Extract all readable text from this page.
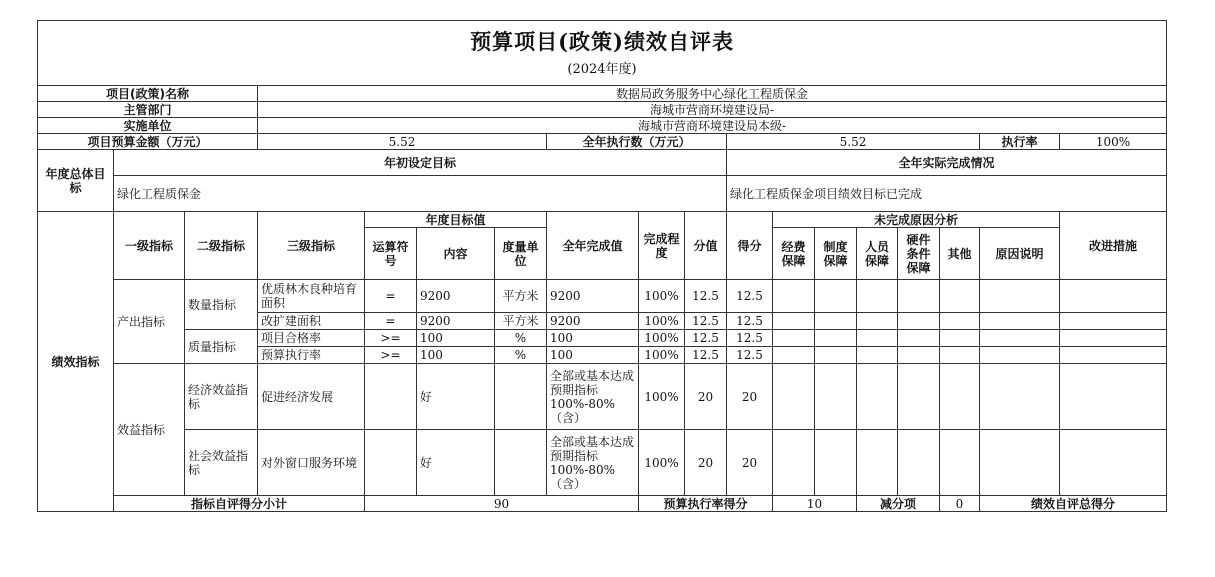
预算项目(政策)绩效自评表
(2024年度)																		

项目(政策)名称			数据局政务服务中心绿化工程质保金															
主管部门			海城市营商环境建设局-															
实施单位			海城市营商环境建设局本级-															
项目预算金额（万元）			5.52				全年执行数（万元）			5.52						执行率	100%	
年度总体目标	年初设定目标									全年实际完成情况								
	绿化工程质保金									绿化工程质保金项目绩效目标已完成								
绩效指标	一级指标	二级指标	三级指标	年度目标值			全年完成值	完成程度	分值	得分	未完成原因分析						改进措施	
				运算符号	内容	度量单位					经费保障	制度保障	人员保障	硬件条件保障	其他	原因说明		
	产出指标	数量指标	优质林木良种培育面积	=	9200	平方米	9200	100%	12.5	12.5								
			改扩建面积	=	9200	平方米	9200	100%	12.5	12.5								
		质量指标	项目合格率	>=	100	%	100	100%	12.5	12.5								
			预算执行率	>=	100	%	100	100%	12.5	12.5								
	效益指标	经济效益指标	促进经济发展		好		全部或基本达成预期指标100%-80%（含）	100%	20	20								
		社会效益指标	对外窗口服务环境		好		全部或基本达成预期指标100%-80%（含）	100%	20	20								
	指标自评得分小计			90				预算执行率得分			10		减分项		0	绩效自评总得分	
